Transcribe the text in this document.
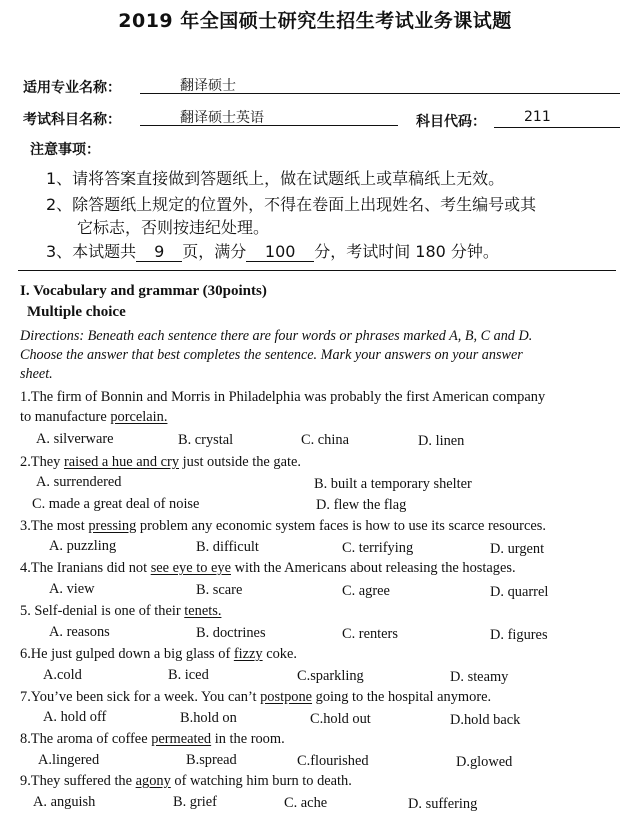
2019 年全国硕士研究生招生考试业务课试题
适用专业名称：	翻译硕士
考试科目名称：	翻译硕士英语	科目代码：	211
注意事项：
1、请将答案直接做到答题纸上，做在试题纸上或草稿纸上无效。
2、除答题纸上规定的位置外，不得在卷面上出现姓名、考生编号或其
它标志，否则按违纪处理。
3、本试题共 9 页，满分 100 分，考试时间 180 分钟。
I. Vocabulary and grammar (30points)
Multiple choice
Directions: Beneath each sentence there are four words or phrases marked A, B, C and D.
Choose the answer that best completes the sentence. Mark your answers on your answer
sheet.
1.The firm of Bonnin and Morris in Philadelphia was probably the first American company
to manufacture porcelain.
A. silverware	B. crystal	C. china	D. linen
2.They raised a hue and cry just outside the gate.
A. surrendered	B. built a temporary shelter
C. made a great deal of noise	D. flew the flag
3.The most pressing problem any economic system faces is how to use its scarce resources.
A. puzzling	B. difficult	C. terrifying	D. urgent
4.The Iranians did not see eye to eye with the Americans about releasing the hostages.
A. view	B. scare	C. agree	D. quarrel
5. Self-denial is one of their tenets.
A. reasons	B. doctrines	C. renters	D. figures
6.He just gulped down a big glass of fizzy coke.
A.cold	B. iced	C.sparkling	D. steamy
7.You’ve been sick for a week. You can’t postpone going to the hospital anymore.
A. hold off	B.hold on	C.hold out	D.hold back
8.The aroma of coffee permeated in the room.
A.lingered	B.spread	C.flourished	D.glowed
9.They suffered the agony of watching him burn to death.
A. anguish	B. grief	C. ache	D. suffering
